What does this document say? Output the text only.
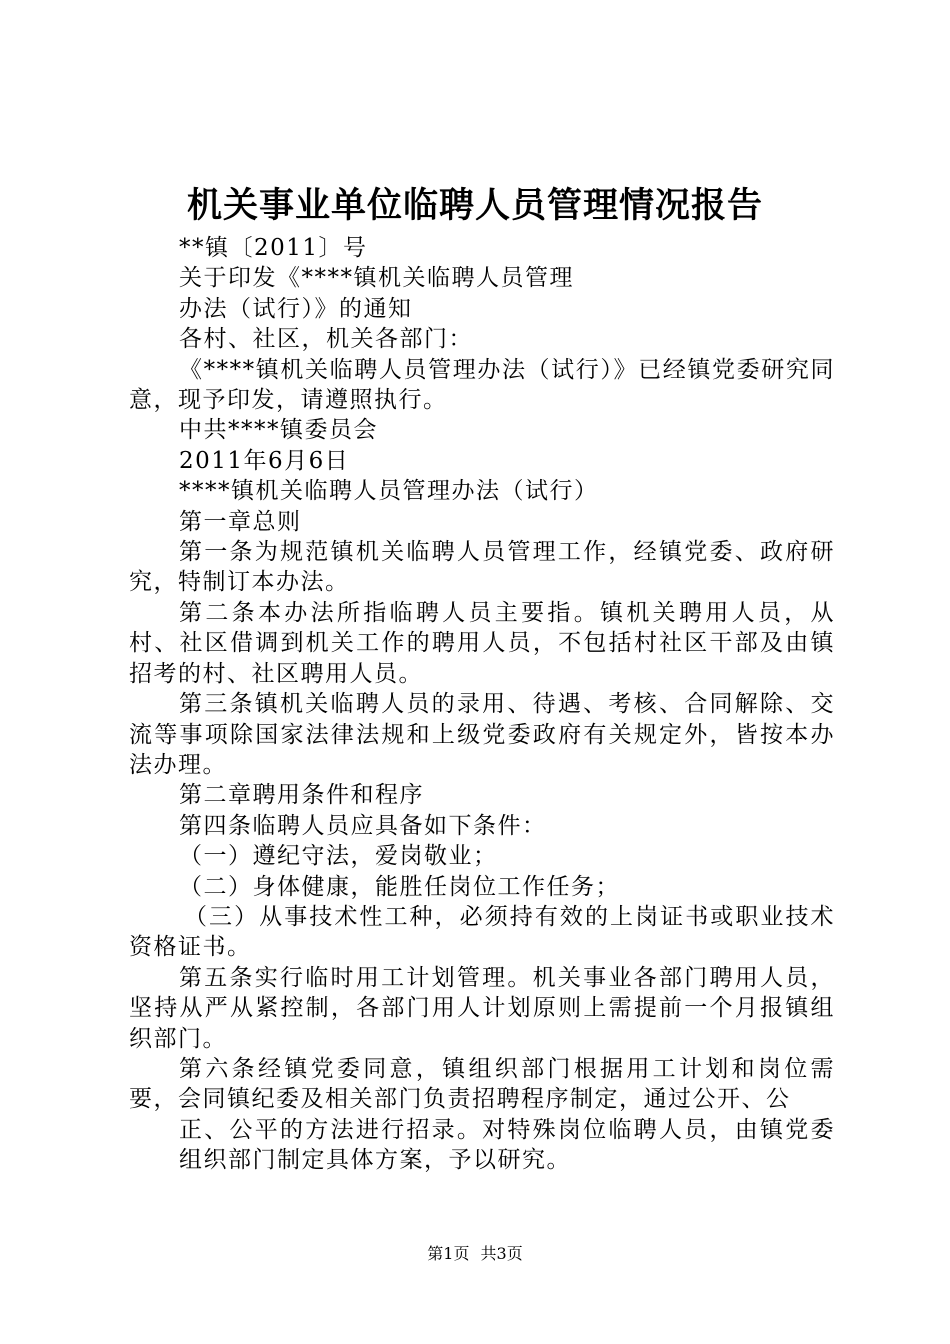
机关事业单位临聘人员管理情况报告

**镇〔2011〕号

关于印发《****镇机关临聘人员管理

办法（试行）》的通知

各村、社区，机关各部门：

《****镇机关临聘人员管理办法（试行）》已经镇党委研究同意，现予印发，请遵照执行。

中共****镇委员会

2011年6月6日

****镇机关临聘人员管理办法（试行）

第一章总则

第一条为规范镇机关临聘人员管理工作，经镇党委、政府研究，特制订本办法。

第二条本办法所指临聘人员主要指。镇机关聘用人员，从村、社区借调到机关工作的聘用人员，不包括村社区干部及由镇招考的村、社区聘用人员。

第三条镇机关临聘人员的录用、待遇、考核、合同解除、交流等事项除国家法律法规和上级党委政府有关规定外，皆按本办法办理。

第二章聘用条件和程序

第四条临聘人员应具备如下条件：

（一）遵纪守法，爱岗敬业；

（二）身体健康，能胜任岗位工作任务；

（三）从事技术性工种，必须持有效的上岗证书或职业技术资格证书。

第五条实行临时用工计划管理。机关事业各部门聘用人员，坚持从严从紧控制，各部门用人计划原则上需提前一个月报镇组织部门。

第六条经镇党委同意，镇组织部门根据用工计划和岗位需要，会同镇纪委及相关部门负责招聘程序制定，通过公开、公

正、公平的方法进行招录。对特殊岗位临聘人员，由镇党委组织部门制定具体方案，予以研究。

第1页 共3页
